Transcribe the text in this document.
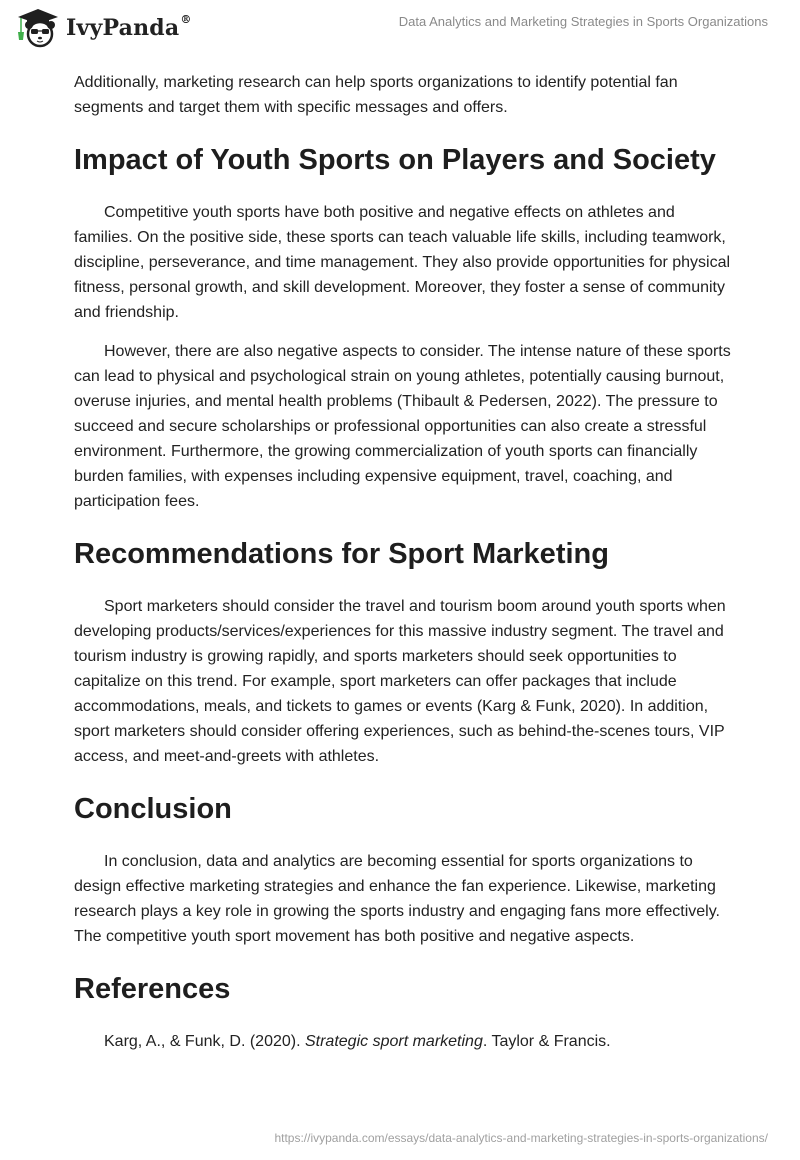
IvyPanda®	Data Analytics and Marketing Strategies in Sports Organizations

Additionally, marketing research can help sports organizations to identify potential fan segments and target them with specific messages and offers.

Impact of Youth Sports on Players and Society

Competitive youth sports have both positive and negative effects on athletes and families. On the positive side, these sports can teach valuable life skills, including teamwork, discipline, perseverance, and time management. They also provide opportunities for physical fitness, personal growth, and skill development. Moreover, they foster a sense of community and friendship.

However, there are also negative aspects to consider. The intense nature of these sports can lead to physical and psychological strain on young athletes, potentially causing burnout, overuse injuries, and mental health problems (Thibault & Pedersen, 2022). The pressure to succeed and secure scholarships or professional opportunities can also create a stressful environment. Furthermore, the growing commercialization of youth sports can financially burden families, with expenses including expensive equipment, travel, coaching, and participation fees.

Recommendations for Sport Marketing

Sport marketers should consider the travel and tourism boom around youth sports when developing products/services/experiences for this massive industry segment. The travel and tourism industry is growing rapidly, and sports marketers should seek opportunities to capitalize on this trend. For example, sport marketers can offer packages that include accommodations, meals, and tickets to games or events (Karg & Funk, 2020). In addition, sport marketers should consider offering experiences, such as behind-the-scenes tours, VIP access, and meet-and-greets with athletes.

Conclusion

In conclusion, data and analytics are becoming essential for sports organizations to design effective marketing strategies and enhance the fan experience. Likewise, marketing research plays a key role in growing the sports industry and engaging fans more effectively. The competitive youth sport movement has both positive and negative aspects.

References

Karg, A., & Funk, D. (2020). Strategic sport marketing. Taylor & Francis.

https://ivypanda.com/essays/data-analytics-and-marketing-strategies-in-sports-organizations/
